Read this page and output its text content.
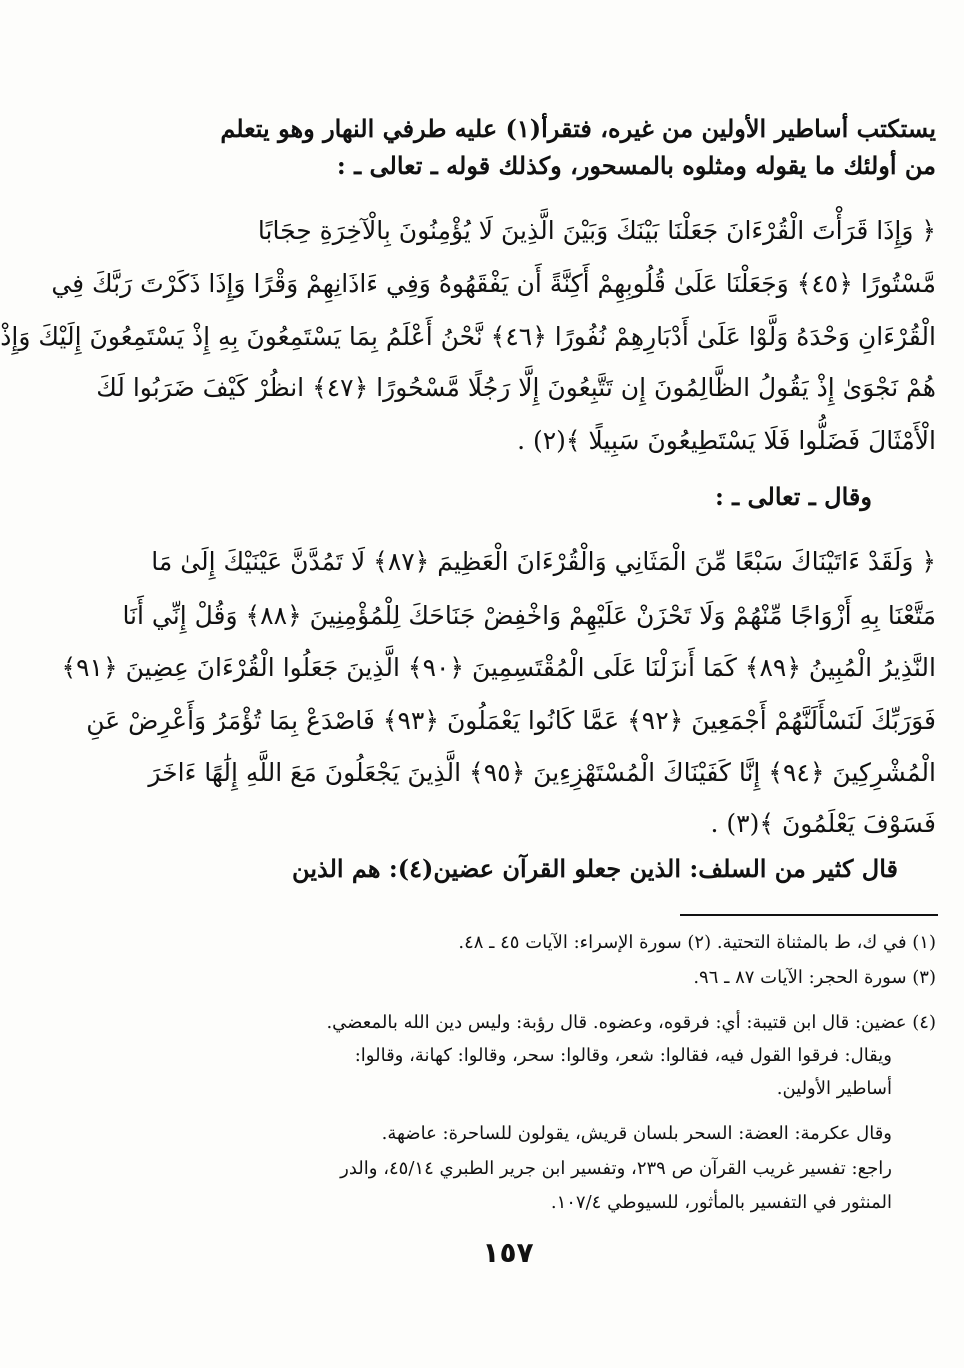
يستكتب أساطير الأولين من غيره، فتقرأ(١) عليه طرفي النهار وهو يتعلم
من أولئك ما يقوله ومثلوه بالمسحور، وكذلك قوله ـ تعالى ـ :
﴿ وَإِذَا قَرَأْتَ الْقُرْءَانَ جَعَلْنَا بَيْنَكَ وَبَيْنَ الَّذِينَ لَا يُؤْمِنُونَ بِالْآخِرَةِ حِجَابًا
مَّسْتُورًا ﴿٤٥﴾ وَجَعَلْنَا عَلَىٰ قُلُوبِهِمْ أَكِنَّةً أَن يَفْقَهُوهُ وَفِي ءَاذَانِهِمْ وَقْرًا وَإِذَا ذَكَرْتَ رَبَّكَ فِي
الْقُرْءَانِ وَحْدَهُ وَلَّوْا عَلَىٰ أَدْبَارِهِمْ نُفُورًا ﴿٤٦﴾ نَّحْنُ أَعْلَمُ بِمَا يَسْتَمِعُونَ بِهِ إِذْ يَسْتَمِعُونَ إِلَيْكَ وَإِذْ
هُمْ نَجْوَىٰ إِذْ يَقُولُ الظَّالِمُونَ إِن تَتَّبِعُونَ إِلَّا رَجُلًا مَّسْحُورًا ﴿٤٧﴾ انظُرْ كَيْفَ ضَرَبُوا لَكَ
الْأَمْثَالَ فَضَلُّوا فَلَا يَسْتَطِيعُونَ سَبِيلًا ﴾(٢) .
وقال ـ تعالى ـ :
﴿ وَلَقَدْ ءَاتَيْنَاكَ سَبْعًا مِّنَ الْمَثَانِي وَالْقُرْءَانَ الْعَظِيمَ ﴿٨٧﴾ لَا تَمُدَّنَّ عَيْنَيْكَ إِلَىٰ مَا
مَتَّعْنَا بِهِ أَزْوَاجًا مِّنْهُمْ وَلَا تَحْزَنْ عَلَيْهِمْ وَاخْفِضْ جَنَاحَكَ لِلْمُؤْمِنِينَ ﴿٨٨﴾ وَقُلْ إِنِّي أَنَا
النَّذِيرُ الْمُبِينُ ﴿٨٩﴾ كَمَا أَنزَلْنَا عَلَى الْمُقْتَسِمِينَ ﴿٩٠﴾ الَّذِينَ جَعَلُوا الْقُرْءَانَ عِضِينَ ﴿٩١﴾
فَوَرَبِّكَ لَنَسْأَلَنَّهُمْ أَجْمَعِينَ ﴿٩٢﴾ عَمَّا كَانُوا يَعْمَلُونَ ﴿٩٣﴾ فَاصْدَعْ بِمَا تُؤْمَرُ وَأَعْرِضْ عَنِ
الْمُشْرِكِينَ ﴿٩٤﴾ إِنَّا كَفَيْنَاكَ الْمُسْتَهْزِءِينَ ﴿٩٥﴾ الَّذِينَ يَجْعَلُونَ مَعَ اللَّهِ إِلَٰهًا ءَاخَرَ
فَسَوْفَ يَعْلَمُونَ ﴾(٣) .
قال كثير من السلف: الذين جعلو القرآن عضين(٤): هم الذين
(١) في ك، ط بالمثناة التحتية. (٢) سورة الإسراء: الآيات ٤٥ ـ ٤٨.
(٣) سورة الحجر: الآيات ٨٧ ـ ٩٦.
(٤) عضين: قال ابن قتيبة: أي: فرقوه، وعضوه. قال رؤبة: وليس دين الله بالمعضي.
ويقال: فرقوا القول فيه، فقالوا: شعر، وقالوا: سحر، وقالوا: كهانة، وقالوا:
أساطير الأولين.
وقال عكرمة: العضة: السحر بلسان قريش، يقولون للساحرة: عاضهة.
راجع: تفسير غريب القرآن ص ٢٣٩، وتفسير ابن جرير الطبري ٤٥/١٤، والدر
المنثور في التفسير بالمأثور، للسيوطي ١٠٧/٤.
١٥٧
